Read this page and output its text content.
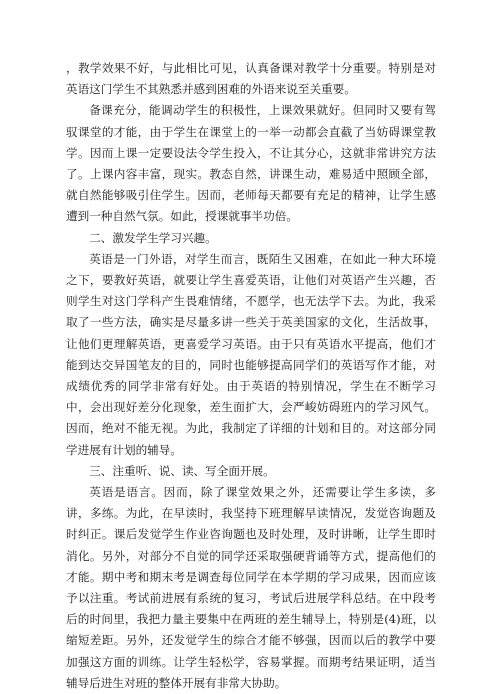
，教学效果不好，与此相比可见，认真备课对教学十分重要。特别是对英语这门学生不其熟悉并感到困难的外语来说至关重要。

备课充分，能调动学生的积极性，上课效果就好。但同时又要有驾驭课堂的才能，由于学生在课堂上的一举一动都会直截了当妨碍课堂教学。因而上课一定要设法令学生投入，不让其分心，这就非常讲究方法了。上课内容丰富，现实。教态自然，讲课生动，难易适中照顾全部，就自然能够吸引住学生。因而，老师每天都要有充足的精神，让学生感遭到一种自然气氛。如此，授课就事半功倍。

二、激发学生学习兴趣。

英语是一门外语，对学生而言，既陌生又困难，在如此一种大环境之下，要教好英语，就要让学生喜爱英语，让他们对英语产生兴趣，否则学生对这门学科产生畏难情绪，不愿学，也无法学下去。为此，我采取了一些方法，确实是尽量多讲一些关于英美国家的文化，生活故事，让他们更理解英语，更喜爱学习英语。由于只有英语水平提高，他们才能到达交异国笔友的目的，同时也能够提高同学们的英语写作才能，对成绩优秀的同学非常有好处。由于英语的特别情况，学生在不断学习中，会出现好差分化现象，差生面扩大，会严峻妨碍班内的学习风气。因而，绝对不能无视。为此，我制定了详细的计划和目的。对这部分同学进展有计划的辅导。

三、注重听、说、读、写全面开展。

英语是语言。因而，除了课堂效果之外，还需要让学生多读，多讲，多练。为此，在早读时，我坚持下班理解早读情况，发觉咨询题及时纠正。课后发觉学生作业咨询题也及时处理，及时讲晰，让学生即时消化。另外，对部分不自觉的同学还采取强硬背诵等方式，提高他们的才能。期中考和期末考是调查每位同学在本学期的学习成果，因而应该予以注重。考试前进展有系统的复习，考试后进展学科总结。在中段考后的时间里，我把力量主要集中在两班的差生辅导上，特别是(4)班，以缩短差距。另外，还发觉学生的综合才能不够强，因而以后的教学中要加强这方面的训练。让学生轻松学，容易掌握。而期考结果证明，适当辅导后进生对班的整体开展有非常大协助。
